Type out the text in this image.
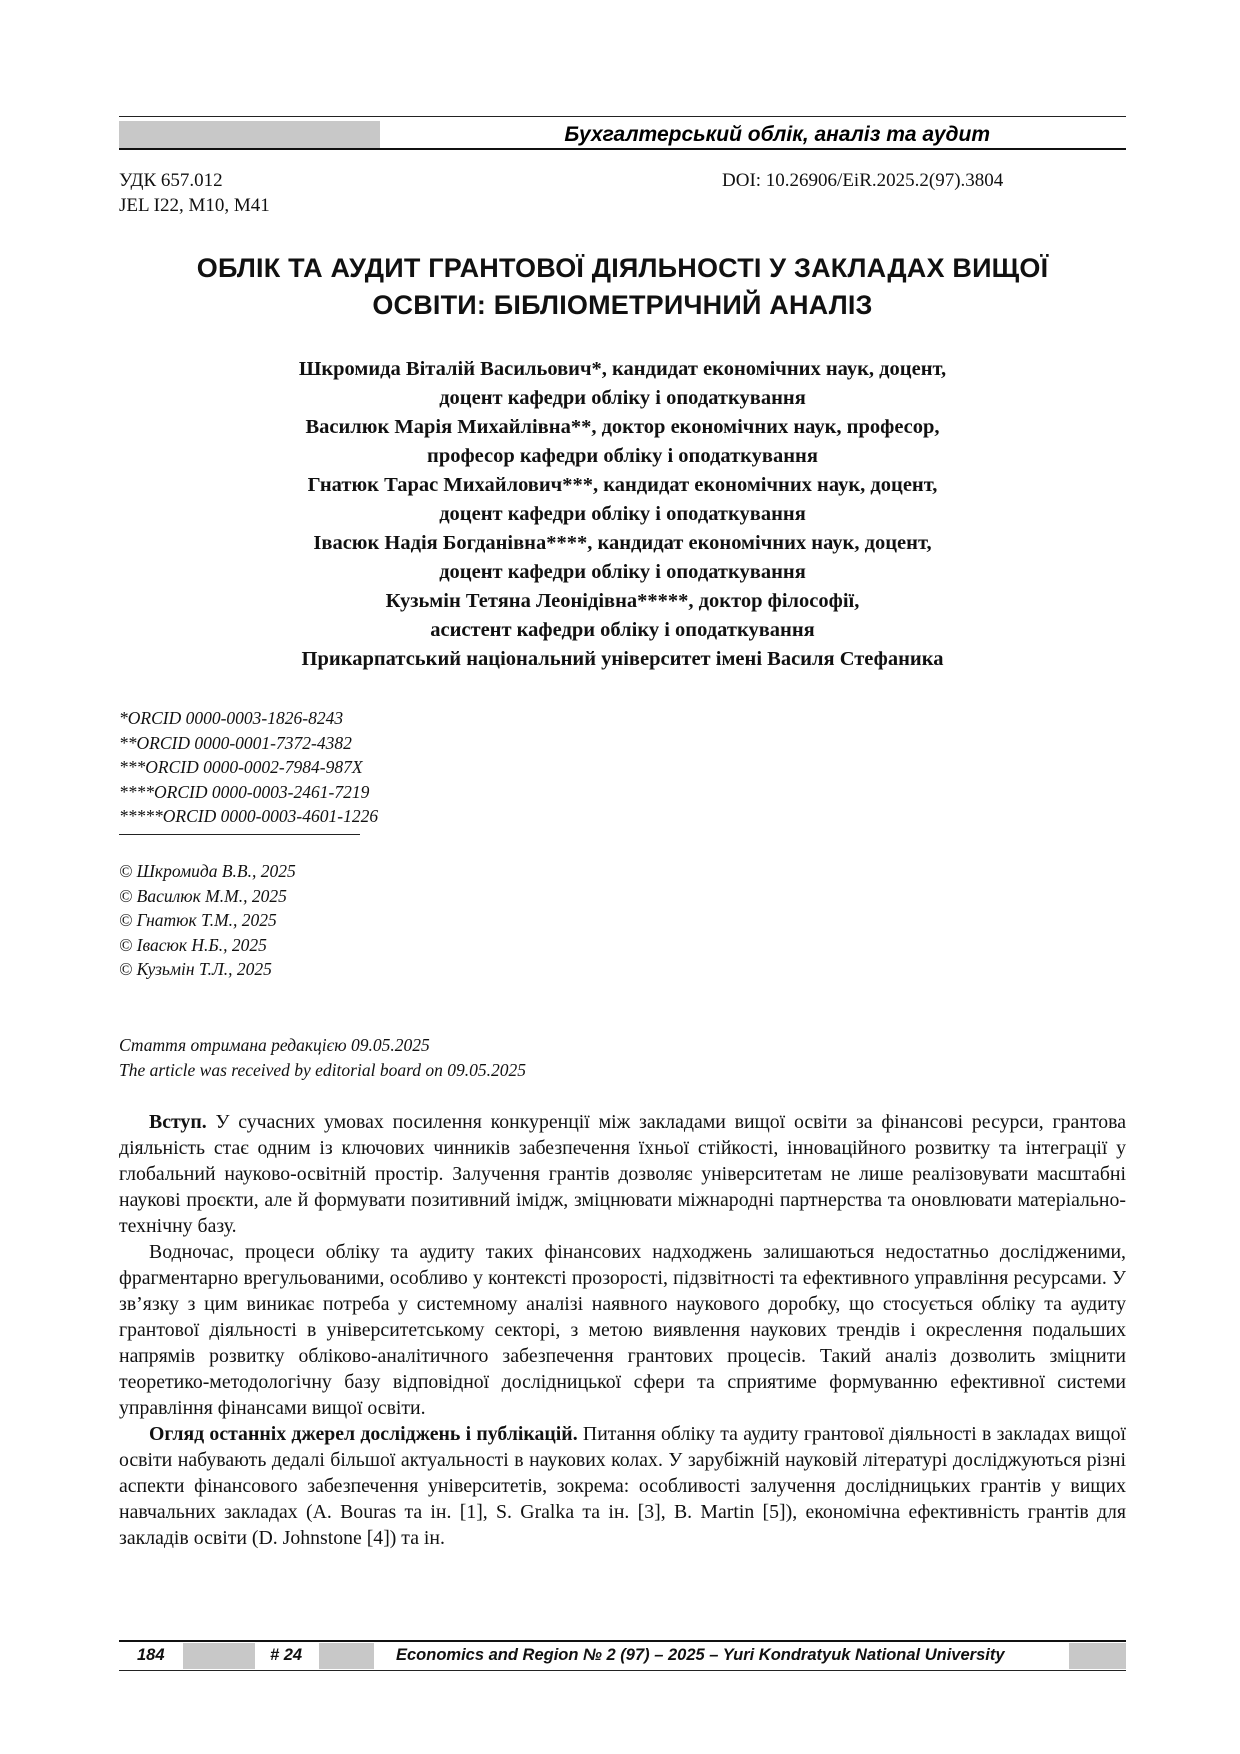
Бухгалтерський облік, аналіз та аудит
УДК 657.012
JEL I22, M10, M41
DOI: 10.26906/EiR.2025.2(97).3804
ОБЛІК ТА АУДИТ ГРАНТОВОЇ ДІЯЛЬНОСТІ У ЗАКЛАДАХ ВИЩОЇ
ОСВІТИ: БІБЛІОМЕТРИЧНИЙ АНАЛІЗ
Шкромида Віталій Васильович*, кандидат економічних наук, доцент,
доцент кафедри обліку і оподаткування
Василюк Марія Михайлівна**, доктор економічних наук, професор,
професор кафедри обліку і оподаткування
Гнатюк Тарас Михайлович***, кандидат економічних наук, доцент,
доцент кафедри обліку і оподаткування
Івасюк Надія Богданівна****, кандидат економічних наук, доцент,
доцент кафедри обліку і оподаткування
Кузьмін Тетяна Леонідівна*****, доктор філософії,
асистент кафедри обліку і оподаткування
Прикарпатський національний університет імені Василя Стефаника
*ORCID 0000-0003-1826-8243
**ORCID 0000-0001-7372-4382
***ORCID 0000-0002-7984-987X
****ORCID 0000-0003-2461-7219
*****ORCID 0000-0003-4601-1226
© Шкромида В.В., 2025
© Василюк М.М., 2025
© Гнатюк Т.М., 2025
© Івасюк Н.Б., 2025
© Кузьмін Т.Л., 2025
Стаття отримана редакцією 09.05.2025
The article was received by editorial board on 09.05.2025

Вступ. У сучасних умовах посилення конкуренції між закладами вищої освіти за фінансові ресурси, грантова діяльність стає одним із ключових чинників забезпечення їхньої стійкості, інноваційного розвитку та інтеграції у глобальний науково-освітній простір. Залучення грантів дозволяє університетам не лише реалізовувати масштабні наукові проєкти, але й формувати позитивний імідж, зміцнювати міжнародні партнерства та оновлювати матеріально-технічну базу.

Водночас, процеси обліку та аудиту таких фінансових надходжень залишаються недостатньо дослідженими, фрагментарно врегульованими, особливо у контексті прозорості, підзвітності та ефективного управління ресурсами. У зв’язку з цим виникає потреба у системному аналізі наявного наукового доробку, що стосується обліку та аудиту грантової діяльності в університетському секторі, з метою виявлення наукових трендів і окреслення подальших напрямів розвитку обліково-аналітичного забезпечення грантових процесів. Такий аналіз дозволить зміцнити теоретико-методологічну базу відповідної дослідницької сфери та сприятиме формуванню ефективної системи управління фінансами вищої освіти.

Огляд останніх джерел досліджень і публікацій. Питання обліку та аудиту грантової діяльності в закладах вищої освіти набувають дедалі більшої актуальності в наукових колах. У зарубіжній науковій літературі досліджуються різні аспекти фінансового забезпечення університетів, зокрема: особливості залучення дослідницьких грантів у вищих навчальних закладах (A. Bouras та ін. [1], S. Gralka та ін. [3], B. Martin [5]), економічна ефективність грантів для закладів освіти (D. Johnstone [4]) та ін.

184	# 24	Economics and Region № 2 (97) – 2025 – Yuri Kondratyuk National University
